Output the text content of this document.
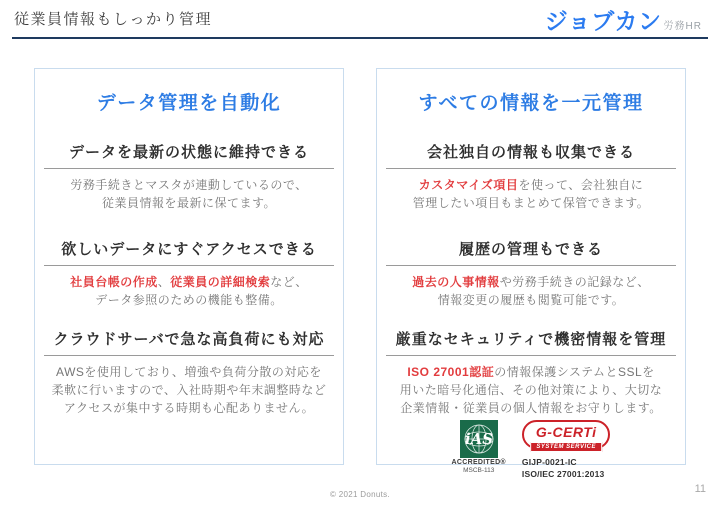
従業員情報もしっかり管理	ジョブカン 労務HR
データ管理を自動化
データを最新の状態に維持できる

労務手続きとマスタが連動しているので、
従業員情報を最新に保てます。

欲しいデータにすぐアクセスできる

社員台帳の作成、従業員の詳細検索など、
データ参照のための機能も整備。

クラウドサーバで急な高負荷にも対応

AWSを使用しており、増強や負荷分散の対応を
柔軟に行いますので、入社時期や年末調整時など
アクセスが集中する時期も心配ありません。

すべての情報を一元管理
会社独自の情報も収集できる

カスタマイズ項目を使って、会社独自に
管理したい項目もまとめて保管できます。

履歴の管理もできる

過去の人事情報や労務手続きの記録など、
情報変更の履歴も閲覧可能です。

厳重なセキュリティで機密情報を管理

ISO 27001認証の情報保護システムとSSLを
用いた暗号化通信、その他対策により、大切な
企業情報・従業員の個人情報をお守りします。

iAS
ACCREDITED®
MSCB-113
G-CERTi
SYSTEM SERVICE
GIJP-0021-IC
ISO/IEC 27001:2013
© 2021 Donuts.	11
